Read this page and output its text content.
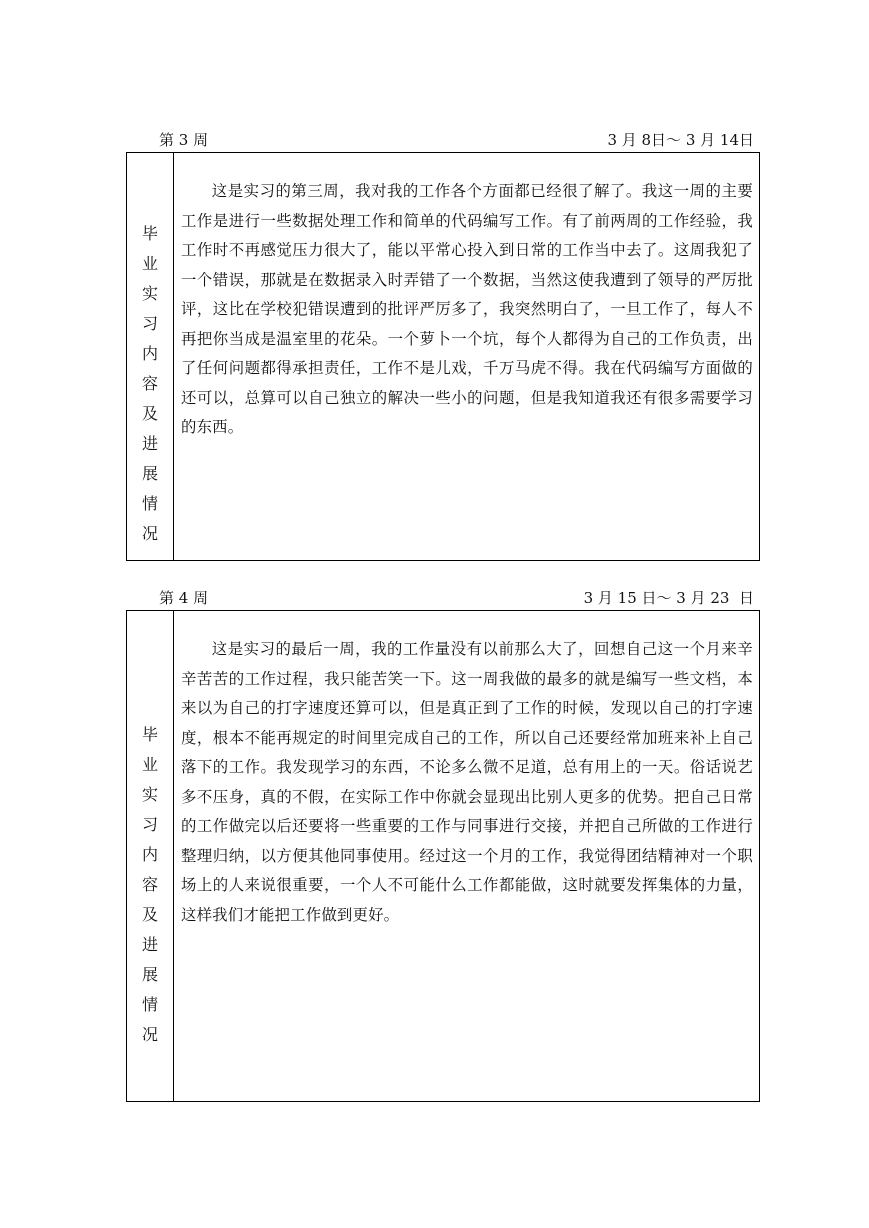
第 3 周	3 月 8日～ 3 月 14日
毕
业
实
习
内
容
及
进
展
情
况

这是实习的第三周，我对我的工作各个方面都已经很了解了。我这一周的主要工作是进行一些数据处理工作和简单的代码编写工作。有了前两周的工作经验，我工作时不再感觉压力很大了，能以平常心投入到日常的工作当中去了。这周我犯了一个错误，那就是在数据录入时弄错了一个数据，当然这使我遭到了领导的严厉批评，这比在学校犯错误遭到的批评严厉多了，我突然明白了，一旦工作了，每人不再把你当成是温室里的花朵。一个萝卜一个坑，每个人都得为自己的工作负责，出了任何问题都得承担责任，工作不是儿戏，千万马虎不得。我在代码编写方面做的还可以，总算可以自己独立的解决一些小的问题，但是我知道我还有很多需要学习的东西。

第 4 周	3 月 15 日～ 3 月 23  日
毕
业
实
习
内
容
及
进
展
情
况

这是实习的最后一周，我的工作量没有以前那么大了，回想自己这一个月来辛辛苦苦的工作过程，我只能苦笑一下。这一周我做的最多的就是编写一些文档，本来以为自己的打字速度还算可以，但是真正到了工作的时候，发现以自己的打字速度，根本不能再规定的时间里完成自己的工作，所以自己还要经常加班来补上自己落下的工作。我发现学习的东西，不论多么微不足道，总有用上的一天。俗话说艺多不压身，真的不假，在实际工作中你就会显现出比别人更多的优势。把自己日常的工作做完以后还要将一些重要的工作与同事进行交接，并把自己所做的工作进行整理归纳，以方便其他同事使用。经过这一个月的工作，我觉得团结精神对一个职场上的人来说很重要，一个人不可能什么工作都能做，这时就要发挥集体的力量，这样我们才能把工作做到更好。
